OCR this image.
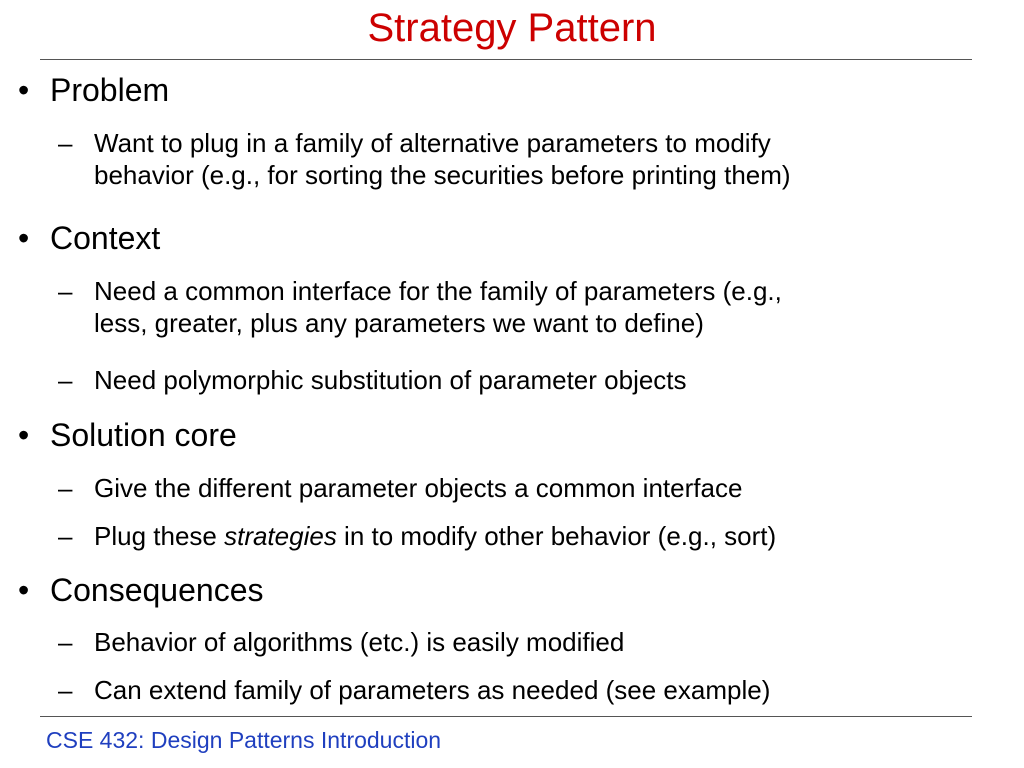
Strategy Pattern
• Problem
– Want to plug in a family of alternative parameters to modify
behavior (e.g., for sorting the securities before printing them)
• Context
– Need a common interface for the family of parameters (e.g.,
less, greater, plus any parameters we want to define)
– Need polymorphic substitution of parameter objects
• Solution core
– Give the different parameter objects a common interface
– Plug these strategies in to modify other behavior (e.g., sort)
• Consequences
– Behavior of algorithms (etc.) is easily modified
– Can extend family of parameters as needed (see example)
CSE 432: Design Patterns Introduction
